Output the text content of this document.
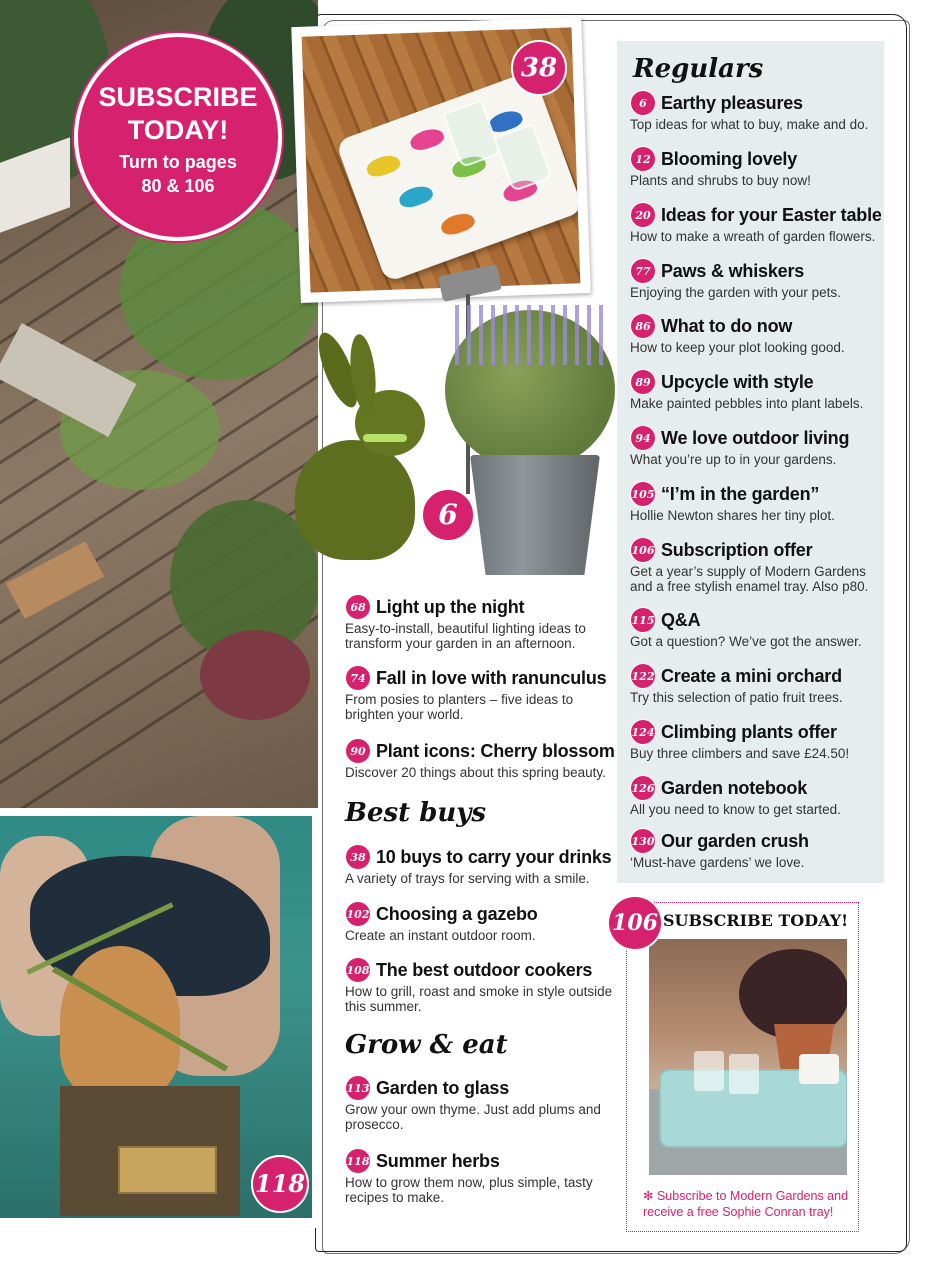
SUBSCRIBE
TODAY!
Turn to pages
80 & 106
38
6
118
68 Light up the night
Easy-to-install, beautiful lighting ideas to transform your garden in an afternoon.
74 Fall in love with ranunculus
From posies to planters – five ideas to brighten your world.
90 Plant icons: Cherry blossom
Discover 20 things about this spring beauty.
Best buys
38 10 buys to carry your drinks
A variety of trays for serving with a smile.
102 Choosing a gazebo
Create an instant outdoor room.
108 The best outdoor cookers
How to grill, roast and smoke in style outside this summer.
Grow & eat
113 Garden to glass
Grow your own thyme. Just add plums and prosecco.
118 Summer herbs
How to grow them now, plus simple, tasty recipes to make.
Regulars
6 Earthy pleasures
Top ideas for what to buy, make and do.
12 Blooming lovely
Plants and shrubs to buy now!
20 Ideas for your Easter table
How to make a wreath of garden flowers.
77 Paws & whiskers
Enjoying the garden with your pets.
86 What to do now
How to keep your plot looking good.
89 Upcycle with style
Make painted pebbles into plant labels.
94 We love outdoor living
What you’re up to in your gardens.
105 “I’m in the garden”
Hollie Newton shares her tiny plot.
106 Subscription offer
Get a year’s supply of Modern Gardens and a free stylish enamel tray. Also p80.
115 Q&A
Got a question? We’ve got the answer.
122 Create a mini orchard
Try this selection of patio fruit trees.
124 Climbing plants offer
Buy three climbers and save £24.50!
126 Garden notebook
All you need to know to get started.
130 Our garden crush
‘Must-have gardens’ we love.
SUBSCRIBE TODAY!
✻ Subscribe to Modern Gardens and receive a free Sophie Conran tray!
106
